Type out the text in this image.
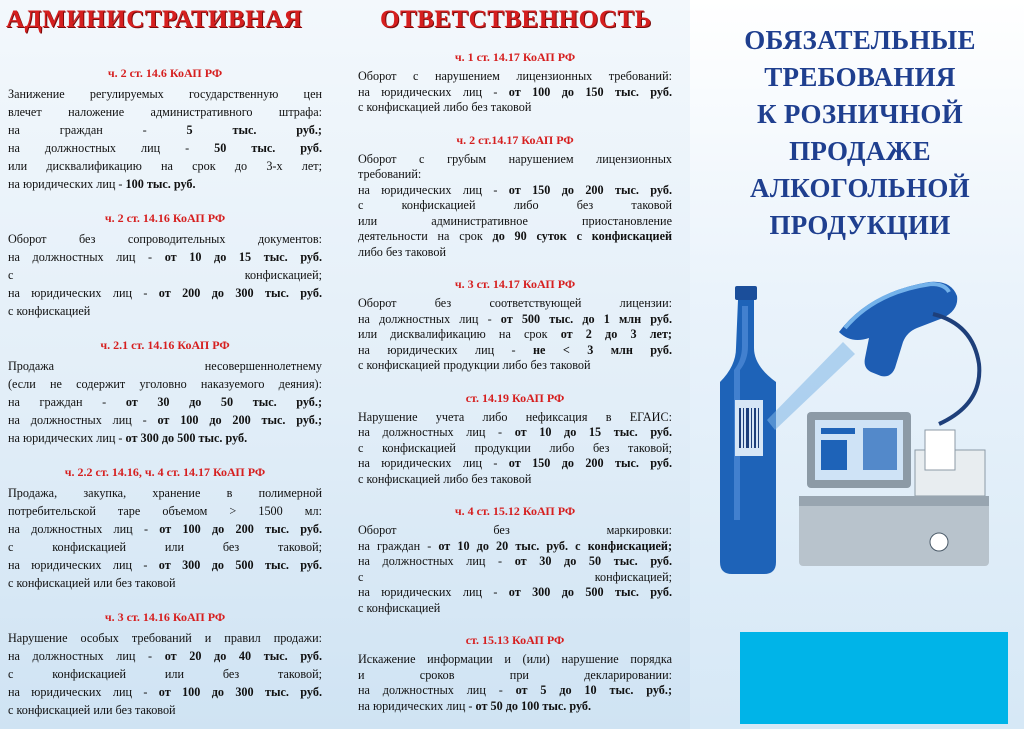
АДМИНИСТРАТИВНАЯ	ОТВЕТСТВЕННОСТЬ
ч. 2 ст. 14.6 КоАП РФ
Занижение регулируемых государственную цен
влечет наложение административного штрафа:
на граждан - 5 тыс. руб.;
на должностных лиц - 50 тыс. руб.
или дисквалификацию на срок до 3-х лет;
на юридических лиц - 100 тыс. руб.
ч. 2 ст. 14.16 КоАП РФ
Оборот без сопроводительных документов:
на должностных лиц - от 10 до 15 тыс. руб.
с конфискацией;
на юридических лиц - от 200 до 300 тыс. руб.
с конфискацией
ч. 2.1 ст. 14.16 КоАП РФ
Продажа несовершеннолетнему
(если не содержит уголовно наказуемого деяния):
на граждан - от 30 до 50 тыс. руб.;
на должностных лиц - от 100 до 200 тыс. руб.;
на юридических лиц - от 300 до 500 тыс. руб.
ч. 2.2 ст. 14.16, ч. 4 ст. 14.17 КоАП РФ
Продажа, закупка, хранение в полимерной
потребительской таре объемом > 1500 мл:
на должностных лиц - от 100 до 200 тыс. руб.
с конфискацией или без таковой;
на юридических лиц - от 300 до 500 тыс. руб.
с конфискацией или без таковой
ч. 3 ст. 14.16 КоАП РФ
Нарушение особых требований и правил продажи:
на должностных лиц - от 20 до 40 тыс. руб.
с конфискацией или без таковой;
на юридических лиц - от 100 до 300 тыс. руб.
с конфискацией или без таковой
ч. 1 ст. 14.17 КоАП РФ
Оборот с нарушением лицензионных требований:
на юридических лиц - от 100 до 150 тыс. руб.
с конфискацией либо без таковой
ч. 2 ст.14.17 КоАП РФ
Оборот с грубым нарушением лицензионных
требований:
на юридических лиц - от 150 до 200 тыс. руб.
с конфискацией либо без таковой
или административное приостановление
деятельности на срок до 90 суток с конфискацией
либо без таковой
ч. 3 ст. 14.17 КоАП РФ
Оборот без соответствующей лицензии:
на должностных лиц - от 500 тыс. до 1 млн руб.
или дисквалификацию на срок от 2 до 3 лет;
на юридических лиц - не < 3 млн руб.
с конфискацией продукции либо без таковой
ст. 14.19 КоАП РФ
Нарушение учета либо нефиксация в ЕГАИС:
на должностных лиц - от 10 до 15 тыс. руб.
с конфискацией продукции либо без таковой;
на юридических лиц - от 150 до 200 тыс. руб.
с конфискацией либо без таковой
ч. 4 ст. 15.12 КоАП РФ
Оборот без маркировки:
на граждан - от 10 до 20 тыс. руб. с конфискацией;
на должностных лиц - от 30 до 50 тыс. руб.
с конфискацией;
на юридических лиц - от 300 до 500 тыс. руб.
с конфискацией
ст. 15.13 КоАП РФ
Искажение информации и (или) нарушение порядка
и сроков при декларировании:
на должностных лиц - от 5 до 10 тыс. руб.;
на юридических лиц - от 50 до 100 тыс. руб.
ОБЯЗАТЕЛЬНЫЕ
ТРЕБОВАНИЯ
К РОЗНИЧНОЙ
ПРОДАЖЕ
АЛКОГОЛЬНОЙ
ПРОДУКЦИИ
